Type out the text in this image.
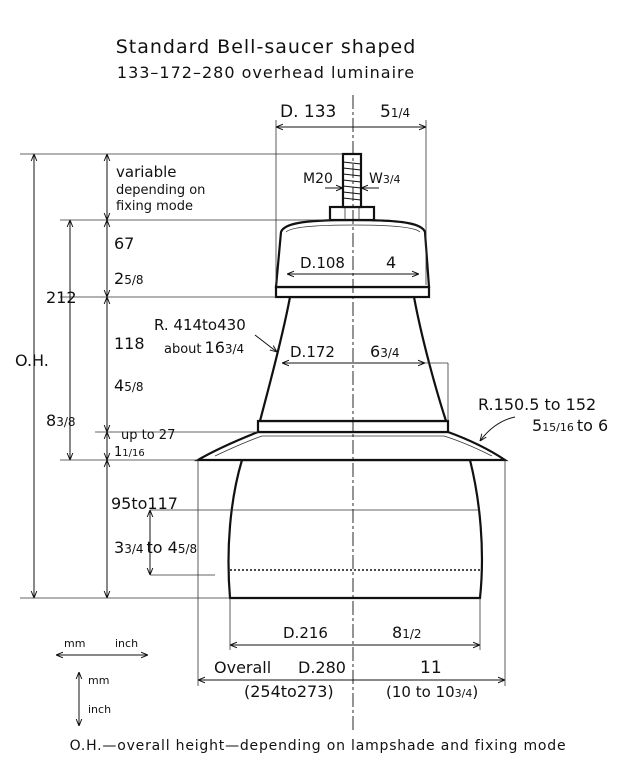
Standard Bell-saucer shaped
133–172–280 overhead luminaire
D. 133	51/4
M20	W3/4
variable
depending on
fixing mode
67
25/8
D.108	4
212
R. 414to430
about 163/4
118
45/8
D.172 63/4
O.H.
83/8
R.150.5 to 152
515/16 to 6
up to 27
11/16
95to117
33/4 to 45/8
D.216	81/2
Overall D.280	11
(254to273)	(10 to 103/4)
mm	inch
mm
inch
O.H.—overall height—depending on lampshade and fixing mode
